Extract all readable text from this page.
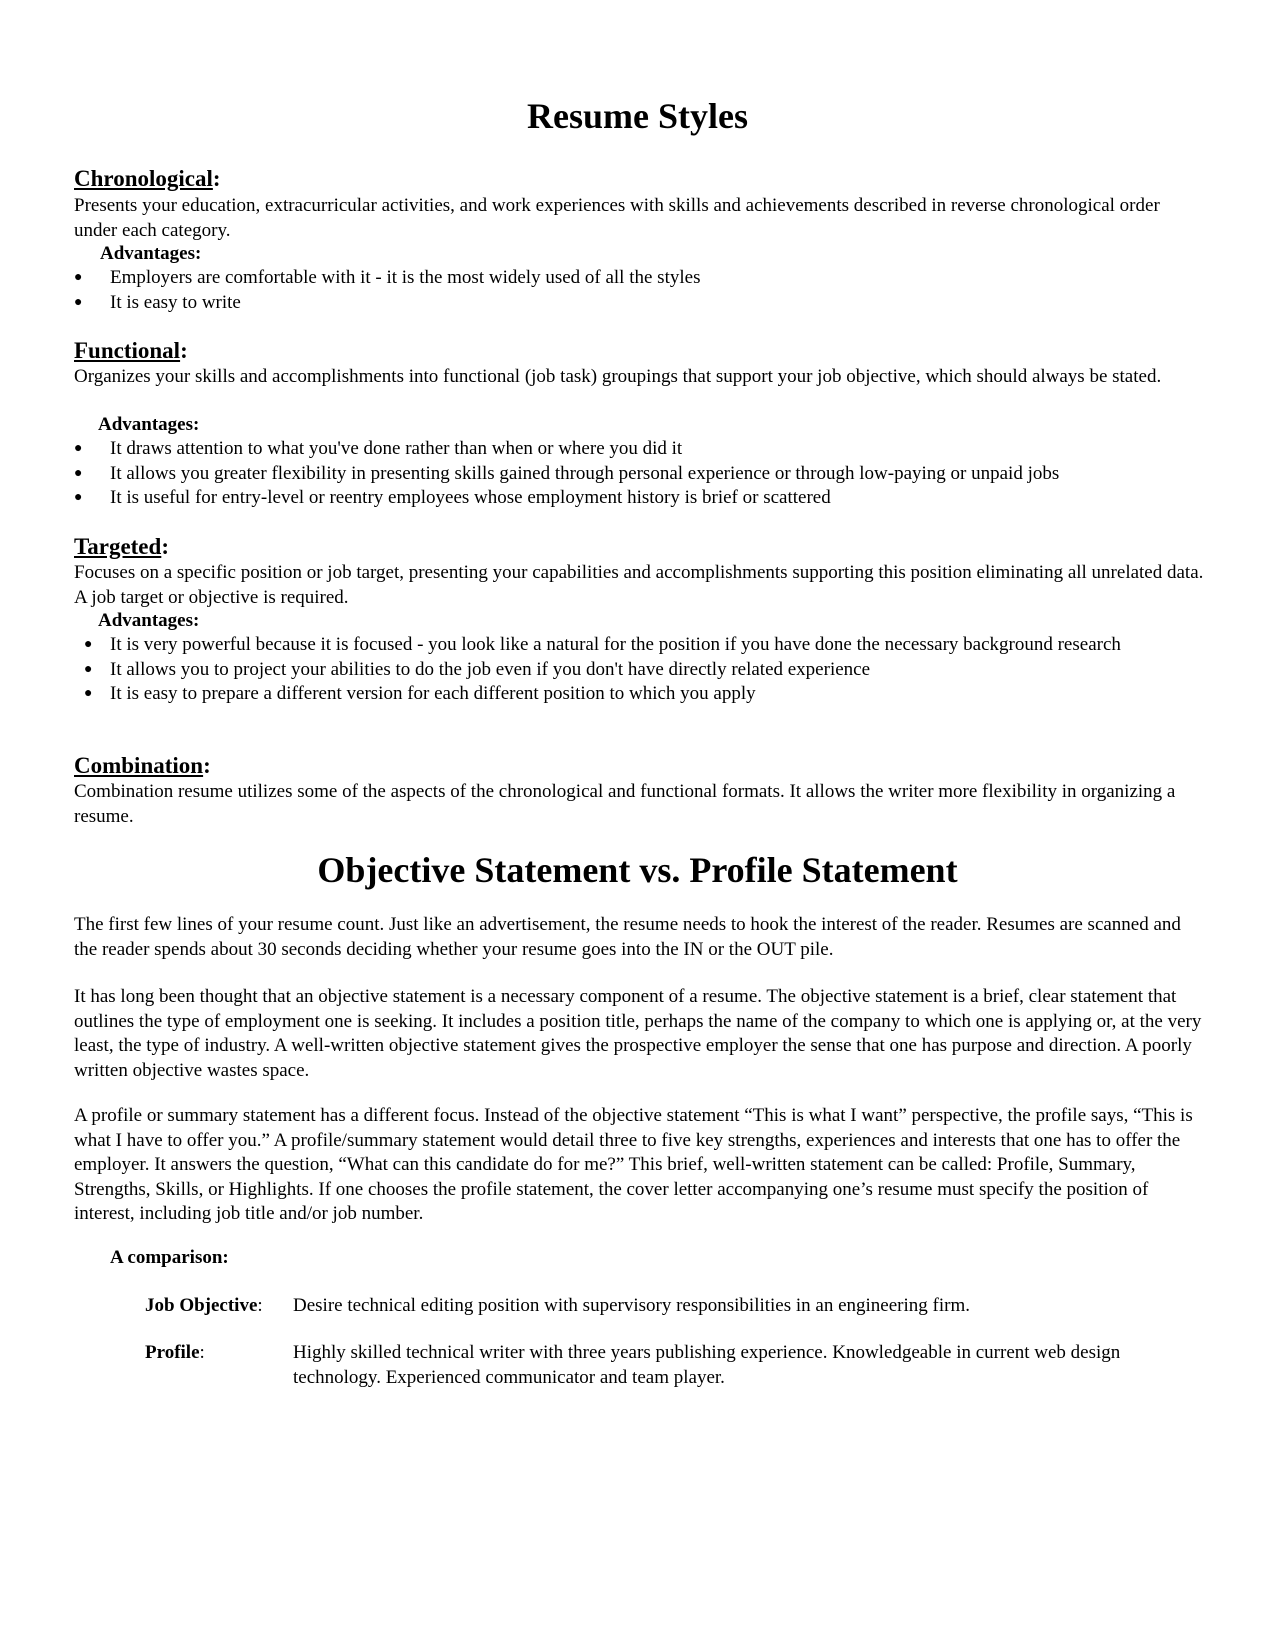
Resume Styles
Chronological:
Presents your education, extracurricular activities, and work experiences with skills and achievements described in reverse chronological order under each category.
Advantages:
● Employers are comfortable with it - it is the most widely used of all the styles
● It is easy to write
Functional:
Organizes your skills and accomplishments into functional (job task) groupings that support your job objective, which should always be stated.
Advantages:
● It draws attention to what you've done rather than when or where you did it
● It allows you greater flexibility in presenting skills gained through personal experience or through low-paying or unpaid jobs
● It is useful for entry-level or reentry employees whose employment history is brief or scattered
Targeted:
Focuses on a specific position or job target, presenting your capabilities and accomplishments supporting this position eliminating all unrelated data. A job target or objective is required.
Advantages:
● It is very powerful because it is focused - you look like a natural for the position if you have done the necessary background research
● It allows you to project your abilities to do the job even if you don't have directly related experience
● It is easy to prepare a different version for each different position to which you apply
Combination:
Combination resume utilizes some of the aspects of the chronological and functional formats. It allows the writer more flexibility in organizing a resume.
Objective Statement vs. Profile Statement
The first few lines of your resume count. Just like an advertisement, the resume needs to hook the interest of the reader. Resumes are scanned and the reader spends about 30 seconds deciding whether your resume goes into the IN or the OUT pile.
It has long been thought that an objective statement is a necessary component of a resume. The objective statement is a brief, clear statement that outlines the type of employment one is seeking. It includes a position title, perhaps the name of the company to which one is applying or, at the very least, the type of industry. A well-written objective statement gives the prospective employer the sense that one has purpose and direction. A poorly written objective wastes space.
A profile or summary statement has a different focus. Instead of the objective statement “This is what I want” perspective, the profile says, “This is what I have to offer you.” A profile/summary statement would detail three to five key strengths, experiences and interests that one has to offer the employer. It answers the question, “What can this candidate do for me?” This brief, well-written statement can be called: Profile, Summary, Strengths, Skills, or Highlights. If one chooses the profile statement, the cover letter accompanying one’s resume must specify the position of interest, including job title and/or job number.
A comparison:
Job Objective: Desire technical editing position with supervisory responsibilities in an engineering firm.
Profile:	Highly skilled technical writer with three years publishing experience. Knowledgeable in current web design technology. Experienced communicator and team player.
